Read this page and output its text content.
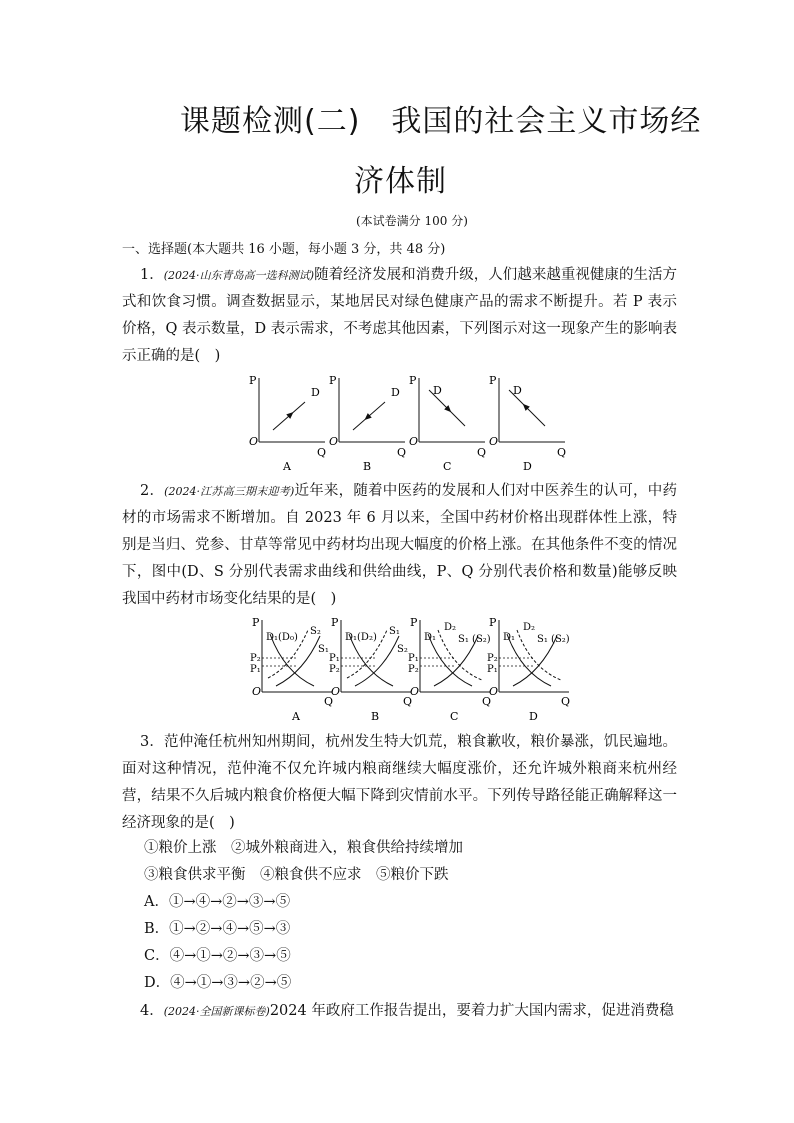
课题检测(二)　我国的社会主义市场经
济体制
(本试卷满分 100 分)
一、选择题(本大题共 16 小题，每小题 3 分，共 48 分)
1．(2024·山东青岛高一选科测试)随着经济发展和消费升级，人们越来越重视健康的生活方式和饮食习惯。调查数据显示，某地居民对绿色健康产品的需求不断提升。若 P 表示价格，Q 表示数量，D 表示需求，不考虑其他因素，下列图示对这一现象产生的影响表示正确的是(　)
P
Q
O
D
A
P
Q
O
D
B
P
Q
O
D
C
P
Q
O
D
D
2．(2024·江苏高三期末迎考)近年来，随着中医药的发展和人们对中医养生的认可，中药材的市场需求不断增加。自 2023 年 6 月以来，全国中药材价格出现群体性上涨，特别是当归、党参、甘草等常见中药材均出现大幅度的价格上涨。在其他条件不变的情况下，图中(D、S 分别代表需求曲线和供给曲线，P、Q 分别代表价格和数量)能够反映我国中药材市场变化结果的是(　)
P
Q
O
D₁(D₀)
S₂
S₁
P₂
P₁
A
P
Q
O
D₁(D₂)
S₁
S₂
P₁
P₂
B
P
Q
O
D₁
D₂
S₁ (S₂)
P₁
P₂
C
P
Q
O
D₁
D₂
S₁ (S₂)
P₂
P₁
D
3．范仲淹任杭州知州期间，杭州发生特大饥荒，粮食歉收，粮价暴涨，饥民遍地。面对这种情况，范仲淹不仅允许城内粮商继续大幅度涨价，还允许城外粮商来杭州经营，结果不久后城内粮食价格便大幅下降到灾情前水平。下列传导路径能正确解释这一经济现象的是(　)
①粮价上涨　②城外粮商进入，粮食供给持续增加
③粮食供求平衡　④粮食供不应求　⑤粮价下跌
A．①→④→②→③→⑤
B．①→②→④→⑤→③
C．④→①→②→③→⑤
D．④→①→③→②→⑤
4．(2024·全国新课标卷)2024 年政府工作报告提出，要着力扩大国内需求，促进消费稳
